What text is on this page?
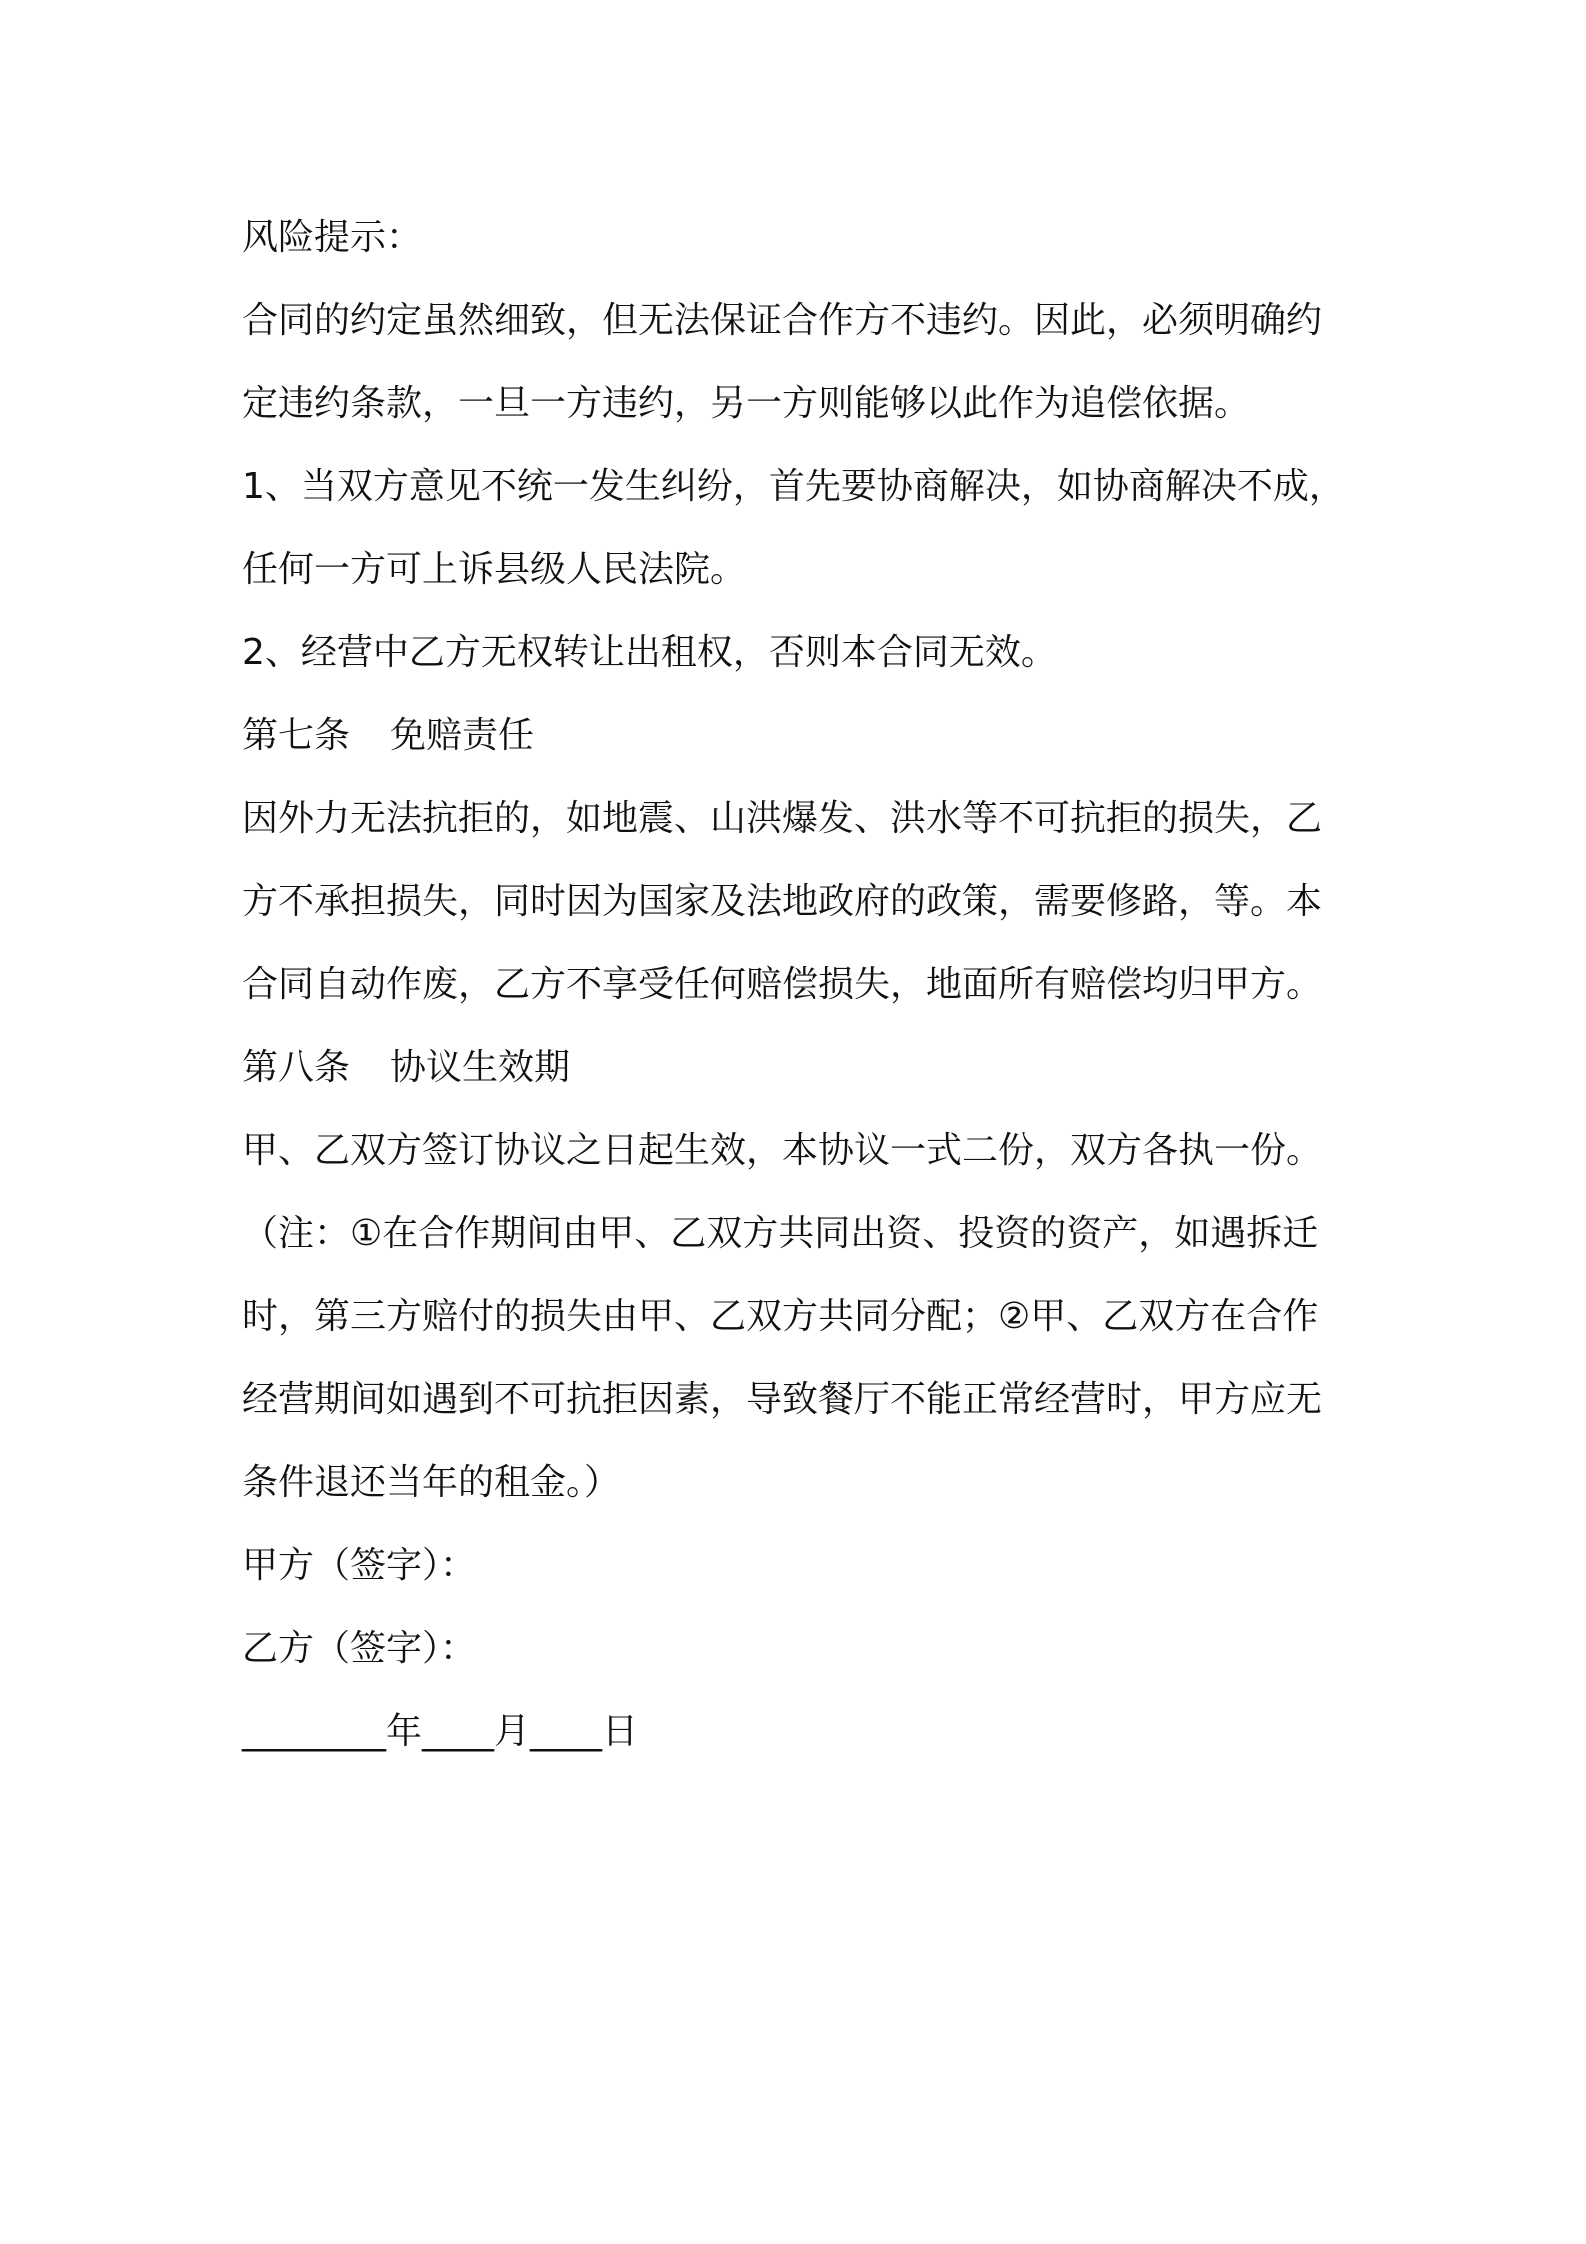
风险提示：
合同的约定虽然细致，但无法保证合作方不违约。因此，必须明确约
定违约条款，一旦一方违约，另一方则能够以此作为追偿依据。
1、当双方意见不统一发生纠纷，首先要协商解决，如协商解决不成，
任何一方可上诉县级人民法院。
2、经营中乙方无权转让出租权，否则本合同无效。
第七条 免赔责任
因外力无法抗拒的，如地震、山洪爆发、洪水等不可抗拒的损失，乙
方不承担损失，同时因为国家及法地政府的政策，需要修路，等。本
合同自动作废，乙方不享受任何赔偿损失，地面所有赔偿均归甲方。
第八条 协议生效期
甲、乙双方签订协议之日起生效，本协议一式二份，双方各执一份。
（注：①在合作期间由甲、乙双方共同出资、投资的资产，如遇拆迁
时，第三方赔付的损失由甲、乙双方共同分配；②甲、乙双方在合作
经营期间如遇到不可抗拒因素，导致餐厅不能正常经营时，甲方应无
条件退还当年的租金。）
甲方（签字）：
乙方（签字）：
________年____月____日
